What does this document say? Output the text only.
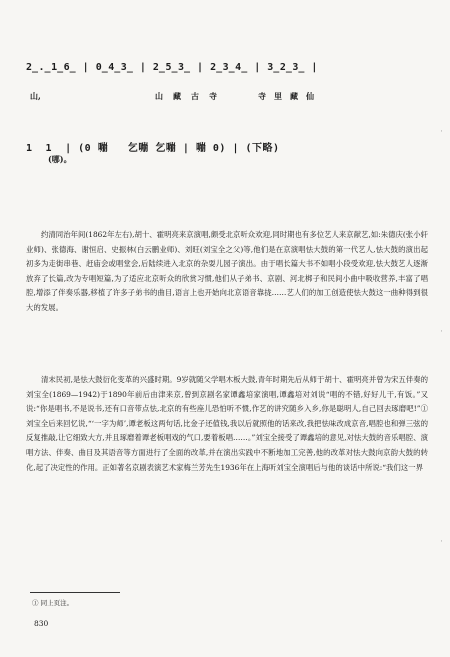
2̲.̲1̲6̲ | 0̲4̲3̲ | 2̲5̲3̲ | 2̲3̲4̲ | 3̲2̲3̲ |
山,	山藏古寺	寺里藏仙
1  1  | (0 嘣   乞嘣 乞嘣 | 嘣 0) | (下略)
(哪)。

约清同治年间(1862年左右),胡十、霍明亮来京演唱,颇受北京听众欢迎,同时期也有多位艺人来京献艺,如:朱德庆(张小轩业师)、张德海、谢恒启、史振林(白云鹏业师)、刘旺(刘宝全之父)等,他们是在京演唱怯大鼓的第一代艺人,怯大鼓的演出起初多为走街串巷、赶庙会或唱堂会,后陆续进入北京的杂耍儿园子演出。由于唱长篇大书不如唱小段受欢迎,怯大鼓艺人逐渐放弃了长篇,改为专唱短篇,为了适应北京听众的欣赏习惯,他们从子弟书、京剧、河北梆子和民间小曲中吸收营养,丰富了唱腔,增添了伴奏乐器,移植了许多子弟书的曲目,语言上也开始向北京语音靠拢……艺人们的加工创造使怯大鼓这一曲种得到很大的发展。

清末民初,是怯大鼓衍化变革的兴盛时期。9岁就随父学唱木板大鼓,青年时期先后从师于胡十、霍明亮并曾为宋五伴奏的刘宝全(1869—1942)于1890年前后由津来京,曾到京剧名家谭鑫培家演唱,谭鑫培对刘说“唱的不错,好好儿干,有饭。”又说:“你是唱书,不是说书,还有口音带点怯,北京的有些座儿恐怕听不惯,作艺的讲究随乡入乡,你是聪明人,自己回去琢磨吧!”① 刘宝全后来回忆说,“‘一字为师’,谭老板这两句话,比金子还值钱,我以后就照他的话来改,我把怯味改成京音,唱腔也和弹三弦的反复推敲,让它细致大方,并且琢磨着谭老板唱戏的气口,要着板唱……。”刘宝全接受了谭鑫培的意见,对怯大鼓的音乐唱腔、演唱方法、伴奏、曲目及其语音等方面进行了全面的改革,并在演出实践中不断地加工完善,他的改革对怯大鼓向京韵大鼓的转化,起了决定性的作用。正如著名京剧表演艺术家梅兰芳先生1936年在上海听刘宝全演唱后与他的谈话中所说:“我们这一界

① 同上页注。
830
·
·
·
